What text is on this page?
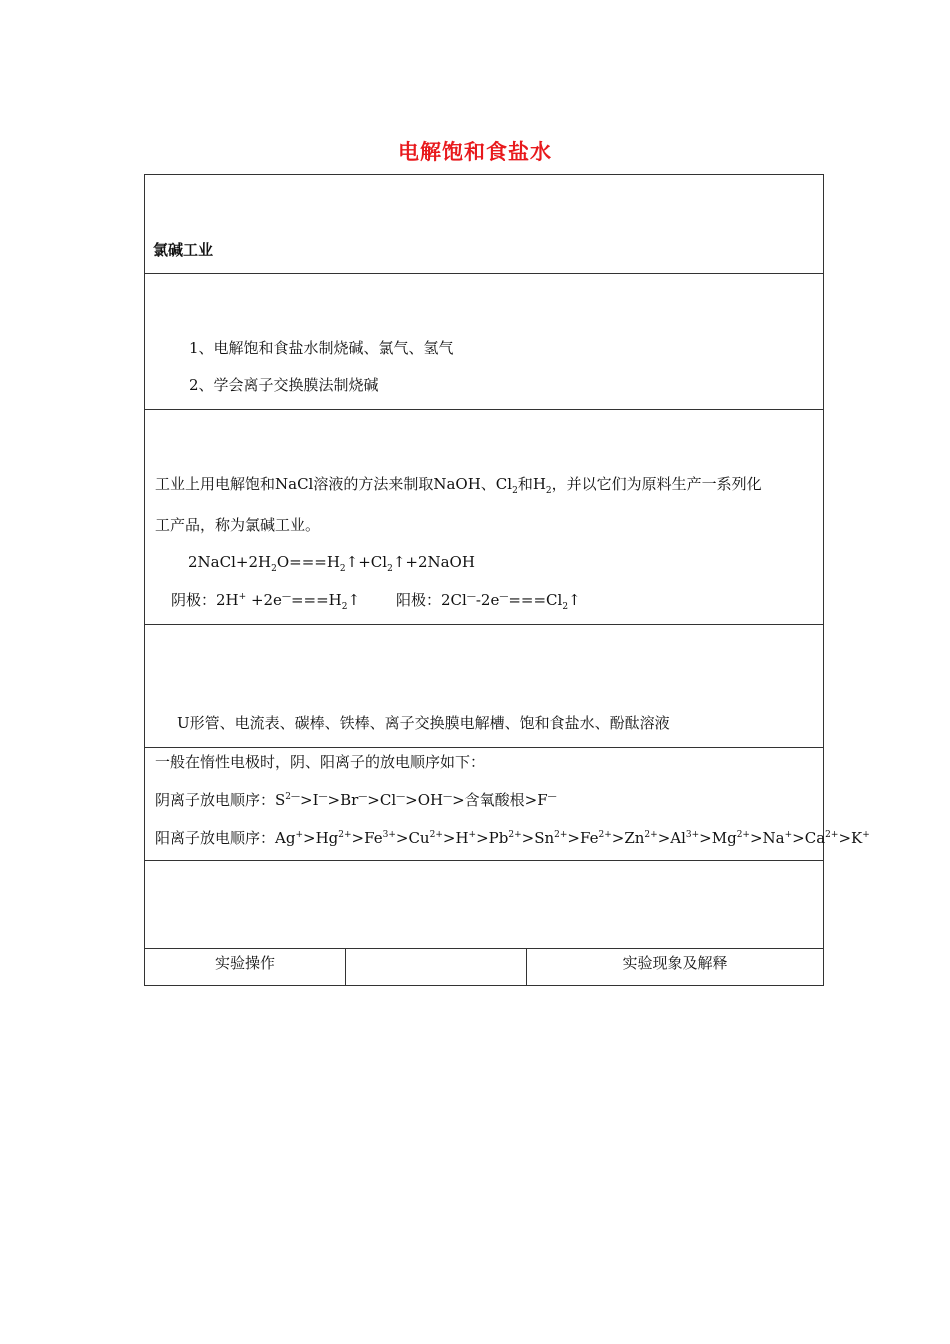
电解饱和食盐水
氯碱工业
1、电解饱和食盐水制烧碱、氯气、氢气
2、学会离子交换膜法制烧碱
工业上用电解饱和NaCl溶液的方法来制取NaOH、$Cl_2$和$H_2$，并以它们为原料生产一系列化
工产品，称为氯碱工业。
$2NaCl+2H_2O===H_2↑+Cl_2↑+2NaOH$
阴极：$2H^+ +2e^—===H_2↑$ 阳极：$2Cl^—-2e^—===Cl_2↑$
U形管、电流表、碳棒、铁棒、离子交换膜电解槽、饱和食盐水、酚酞溶液
一般在惰性电极时，阴、阳离子的放电顺序如下：
阴离子放电顺序：$S^{2—}>I^—>Br^—>Cl^—>OH^—>$含氧酸根>F—
阳离子放电顺序：$Ag^+>Hg^{2+}>Fe^{3+}>Cu^{2+}>H^+>Pb^{2+}>Sn^{2+}>Fe^{2+}>Zn^{2+}>Al^{3+}>Mg^{2+}>Na^+>Ca^{2+}>K^+$
实验操作	实验现象及解释
